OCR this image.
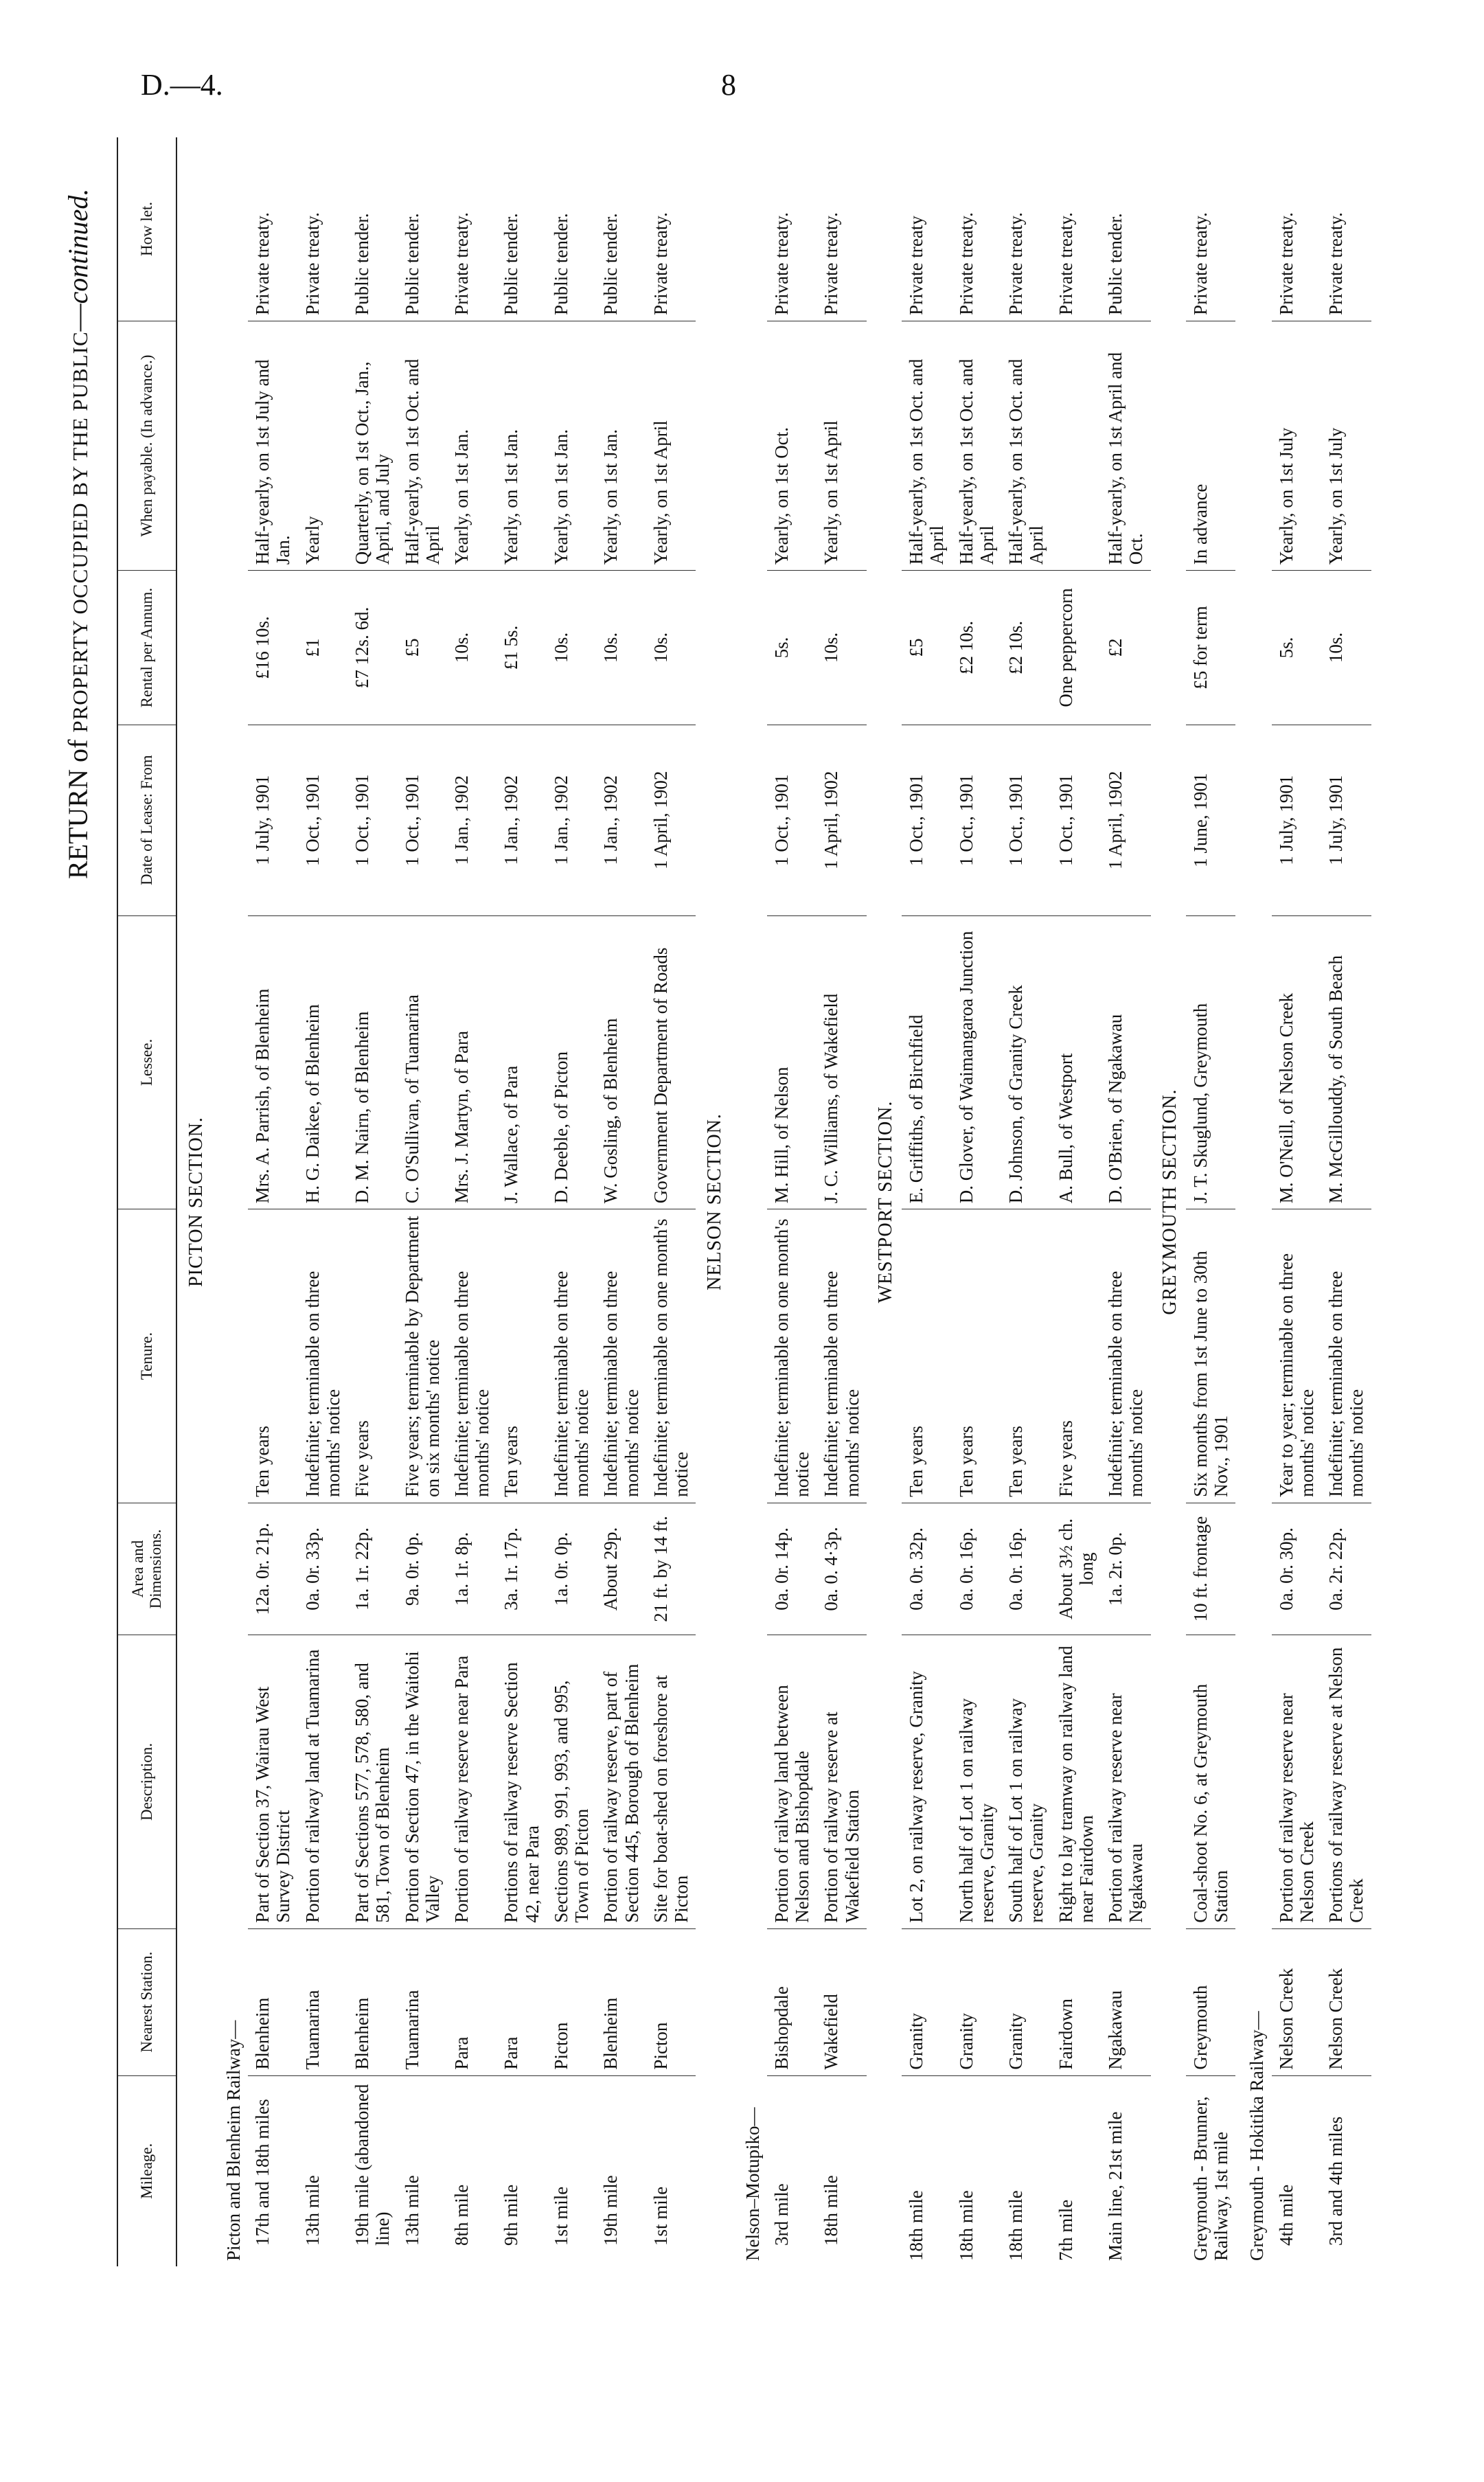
D.—4.	8
RETURN of PROPERTY OCCUPIED BY THE PUBLIC—continued.
Mileage.	Nearest Station.	Description.	Area and Dimensions.	Tenure.	Lessee.	Date of Lease: From	Rental per Annum.	When payable. (In advance.)	How let.
PICTON SECTION.									
Picton and Blenheim Railway—									
17th and 18th miles	Blenheim	Part of Section 37, Wairau West Survey District	12a. 0r. 21p.	Ten years	Mrs. A. Parrish, of Blenheim	1 July, 1901	£16 10s.	Half-yearly, on 1st July and Jan.	Private treaty.
13th mile	Tuamarina	Portion of railway land at Tuamarina	0a. 0r. 33p.	Indefinite; terminable on three months' notice	H. G. Daikee, of Blenheim	1 Oct., 1901	£1	Yearly	Private treaty.
19th mile (abandoned line)	Blenheim	Part of Sections 577, 578, 580, and 581, Town of Blenheim	1a. 1r. 22p.	Five years	D. M. Nairn, of Blenheim	1 Oct., 1901	£7 12s. 6d.	Quarterly, on 1st Oct., Jan., April, and July	Public tender.
13th mile	Tuamarina	Portion of Section 47, in the Waitohi Valley	9a. 0r. 0p.	Five years; terminable by Department on six months' notice	C. O'Sullivan, of Tuamarina	1 Oct., 1901	£5	Half-yearly, on 1st Oct. and April	Public tender.
8th mile	Para	Portion of railway reserve near Para	1a. 1r. 8p.	Indefinite; terminable on three months' notice	Mrs. J. Martyn, of Para	1 Jan., 1902	10s.	Yearly, on 1st Jan.	Private treaty.
9th mile	Para	Portions of railway reserve Section 42, near Para	3a. 1r. 17p.	Ten years	J. Wallace, of Para	1 Jan., 1902	£1 5s.	Yearly, on 1st Jan.	Public tender.
1st mile	Picton	Sections 989, 991, 993, and 995, Town of Picton	1a. 0r. 0p.	Indefinite; terminable on three months' notice	D. Deeble, of Picton	1 Jan., 1902	10s.	Yearly, on 1st Jan.	Public tender.
19th mile	Blenheim	Portion of railway reserve, part of Section 445, Borough of Blenheim	About 29p.	Indefinite; terminable on three months' notice	W. Gosling, of Blenheim	1 Jan., 1902	10s.	Yearly, on 1st Jan.	Public tender.
1st mile	Picton	Site for boat-shed on foreshore at Picton	21 ft. by 14 ft.	Indefinite; terminable on one month's notice	Government Department of Roads	1 April, 1902	10s.	Yearly, on 1st April	Private treaty.
NELSON SECTION.									
Nelson–Motupiko—									
3rd mile	Bishopdale	Portion of railway land between Nelson and Bishopdale	0a. 0r. 14p.	Indefinite; terminable on one month's notice	M. Hill, of Nelson	1 Oct., 1901	5s.	Yearly, on 1st Oct.	Private treaty.
18th mile	Wakefield	Portion of railway reserve at Wakefield Station	0a. 0. 4·3p.	Indefinite; terminable on three months' notice	J. C. Williams, of Wakefield	1 April, 1902	10s.	Yearly, on 1st April	Private treaty.
WESTPORT SECTION.									
18th mile	Granity	Lot 2, on railway reserve, Granity	0a. 0r. 32p.	Ten years	E. Griffiths, of Birchfield	1 Oct., 1901	£5	Half-yearly, on 1st Oct. and April	Private treaty
18th mile	Granity	North half of Lot 1 on railway reserve, Granity	0a. 0r. 16p.	Ten years	D. Glover, of Waimangaroa Junction	1 Oct., 1901	£2 10s.	Half-yearly, on 1st Oct. and April	Private treaty.
18th mile	Granity	South half of Lot 1 on railway reserve, Granity	0a. 0r. 16p.	Ten years	D. Johnson, of Granity Creek	1 Oct., 1901	£2 10s.	Half-yearly, on 1st Oct. and April	Private treaty.
7th mile	Fairdown	Right to lay tramway on railway land near Fairdown	About 3½ ch. long	Five years	A. Bull, of Westport	1 Oct., 1901	One peppercorn		Private treaty.
Main line, 21st mile	Ngakawau	Portion of railway reserve near Ngakawau	1a. 2r. 0p.	Indefinite; terminable on three months' notice	D. O'Brien, of Ngakawau	1 April, 1902	£2	Half-yearly, on 1st April and Oct.	Public tender.
GREYMOUTH SECTION.									
Greymouth - Brunner, Railway, 1st mile	Greymouth	Coal-shoot No. 6, at Greymouth Station	10 ft. frontage	Six months from 1st June to 30th Nov., 1901	J. T. Skuglund, Greymouth	1 June, 1901	£5 for term	In advance	Private treaty.
Greymouth - Hokitika Railway—									
4th mile	Nelson Creek	Portion of railway reserve near Nelson Creek	0a. 0r. 30p.	Year to year; terminable on three months' notice	M. O'Neill, of Nelson Creek	1 July, 1901	5s.	Yearly, on 1st July	Private treaty.
3rd and 4th miles	Nelson Creek	Portions of railway reserve at Nelson Creek	0a. 2r. 22p.	Indefinite; terminable on three months' notice	M. McGillouddy, of South Beach	1 July, 1901	10s.	Yearly, on 1st July	Private treaty.
